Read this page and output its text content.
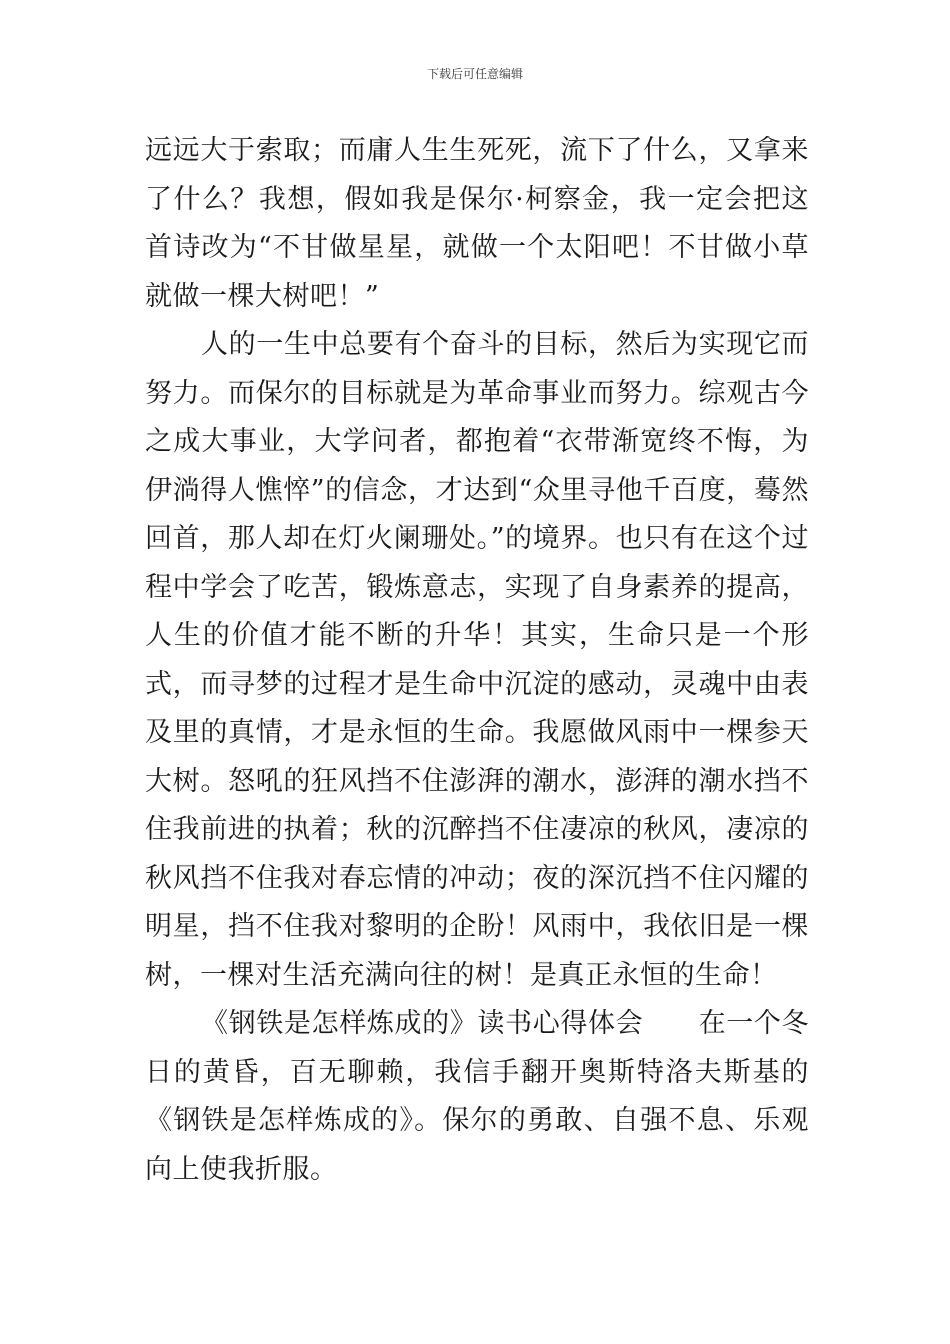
下载后可任意编辑

远远大于索取；而庸人生生死死，流下了什么，又拿来了什么？我想，假如我是保尔·柯察金，我一定会把这首诗改为“不甘做星星，就做一个太阳吧！不甘做小草就做一棵大树吧！”

人的一生中总要有个奋斗的目标，然后为实现它而努力。而保尔的目标就是为革命事业而努力。综观古今之成大事业，大学问者，都抱着“衣带渐宽终不悔，为伊淌得人憔悴”的信念，才达到“众里寻他千百度，蓦然回首，那人却在灯火阑珊处。”的境界。也只有在这个过程中学会了吃苦，锻炼意志，实现了自身素养的提高，人生的价值才能不断的升华！其实，生命只是一个形式，而寻梦的过程才是生命中沉淀的感动，灵魂中由表及里的真情，才是永恒的生命。我愿做风雨中一棵参天大树。怒吼的狂风挡不住澎湃的潮水，澎湃的潮水挡不住我前进的执着；秋的沉醉挡不住凄凉的秋风，凄凉的秋风挡不住我对春忘情的冲动；夜的深沉挡不住闪耀的明星，挡不住我对黎明的企盼！风雨中，我依旧是一棵树，一棵对生活充满向往的树！是真正永恒的生命！

《钢铁是怎样炼成的》读书心得体会　　在一个冬日的黄昏，百无聊赖，我信手翻开奥斯特洛夫斯基的《钢铁是怎样炼成的》。保尔的勇敢、自强不息、乐观向上使我折服。
